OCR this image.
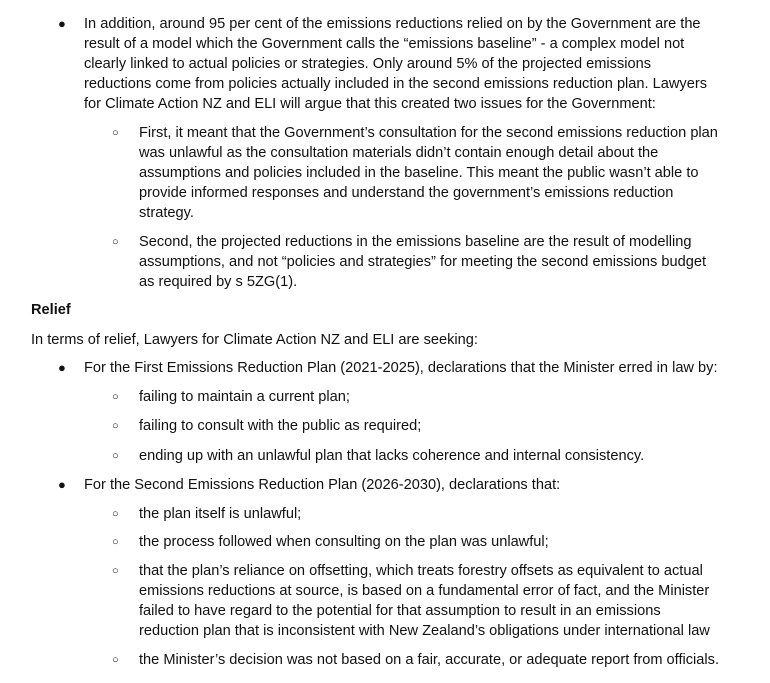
● In addition, around 95 per cent of the emissions reductions relied on by the Government are the
result of a model which the Government calls the “emissions baseline” - a complex model not
clearly linked to actual policies or strategies. Only around 5% of the projected emissions
reductions come from policies actually included in the second emissions reduction plan. Lawyers
for Climate Action NZ and ELI will argue that this created two issues for the Government:
○ First, it meant that the Government’s consultation for the second emissions reduction plan
was unlawful as the consultation materials didn’t contain enough detail about the
assumptions and policies included in the baseline. This meant the public wasn’t able to
provide informed responses and understand the government’s emissions reduction
strategy.
○ Second, the projected reductions in the emissions baseline are the result of modelling
assumptions, and not “policies and strategies” for meeting the second emissions budget
as required by s 5ZG(1).
Relief
In terms of relief, Lawyers for Climate Action NZ and ELI are seeking:
● For the First Emissions Reduction Plan (2021-2025), declarations that the Minister erred in law by:
○ failing to maintain a current plan;
○ failing to consult with the public as required;
○ ending up with an unlawful plan that lacks coherence and internal consistency.
● For the Second Emissions Reduction Plan (2026-2030), declarations that:
○ the plan itself is unlawful;
○ the process followed when consulting on the plan was unlawful;
○ that the plan’s reliance on offsetting, which treats forestry offsets as equivalent to actual
emissions reductions at source, is based on a fundamental error of fact, and the Minister
failed to have regard to the potential for that assumption to result in an emissions
reduction plan that is inconsistent with New Zealand’s obligations under international law
○ the Minister’s decision was not based on a fair, accurate, or adequate report from officials.
